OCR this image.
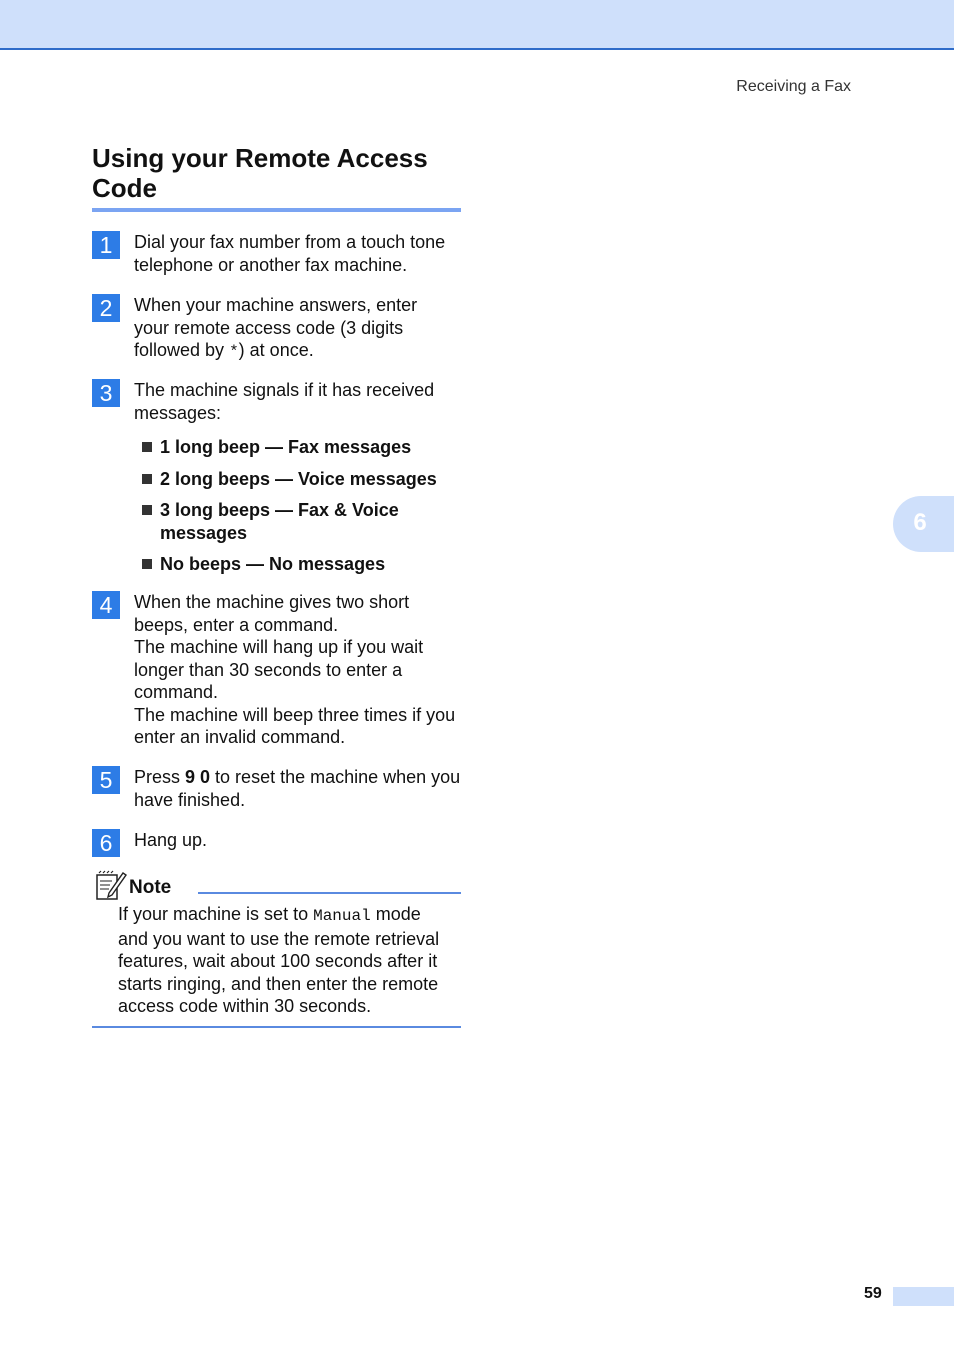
Receiving a Fax
Using your Remote Access Code
1	Dial your fax number from a touch tone
telephone or another fax machine.
2	When your machine answers, enter
your remote access code (3 digits
followed by *) at once.
3	The machine signals if it has received
messages:
1 long beep — Fax messages
2 long beeps — Voice messages
3 long beeps — Fax & Voice
messages
No beeps — No messages
4	When the machine gives two short
beeps, enter a command.
The machine will hang up if you wait
longer than 30 seconds to enter a
command.
The machine will beep three times if you
enter an invalid command.
5	Press 9 0 to reset the machine when you
have finished.
6	Hang up.
Note
If your machine is set to Manual mode
and you want to use the remote retrieval
features, wait about 100 seconds after it
starts ringing, and then enter the remote
access code within 30 seconds.
6
59
